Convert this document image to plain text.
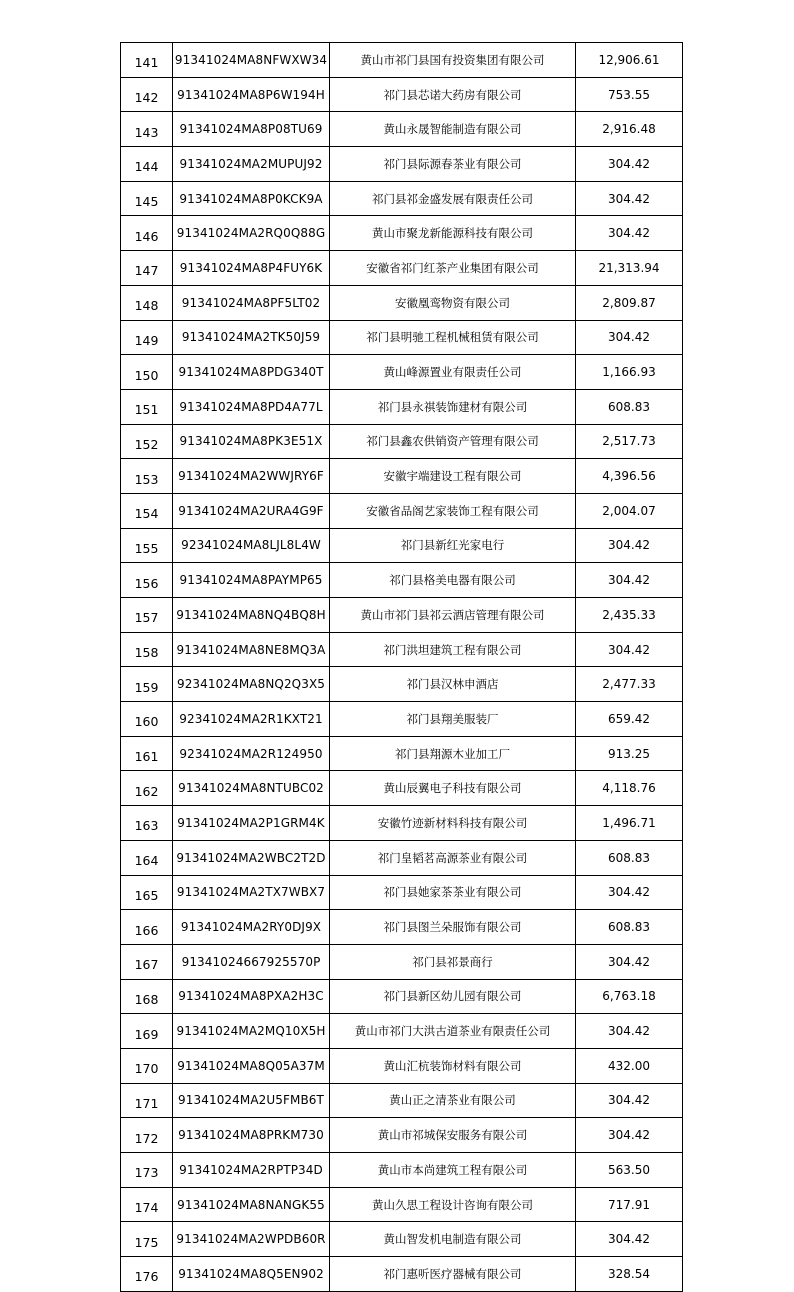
141	91341024MA8NFWXW34	黄山市祁门县国有投资集团有限公司	12,906.61
142	91341024MA8P6W194H	祁门县芯诺大药房有限公司	753.55
143	91341024MA8P08TU69	黄山永晟智能制造有限公司	2,916.48
144	91341024MA2MUPUJ92	祁门县际源春茶业有限公司	304.42
145	91341024MA8P0KCK9A	祁门县祁金盛发展有限责任公司	304.42
146	91341024MA2RQ0Q88G	黄山市聚龙新能源科技有限公司	304.42
147	91341024MA8P4FUY6K	安徽省祁门红茶产业集团有限公司	21,313.94
148	91341024MA8PF5LT02	安徽凰鸾物资有限公司	2,809.87
149	91341024MA2TK50J59	祁门县明驰工程机械租赁有限公司	304.42
150	91341024MA8PDG340T	黄山峰源置业有限责任公司	1,166.93
151	91341024MA8PD4A77L	祁门县永祺装饰建材有限公司	608.83
152	91341024MA8PK3E51X	祁门县鑫农供销资产管理有限公司	2,517.73
153	91341024MA2WWJRY6F	安徽宇端建设工程有限公司	4,396.56
154	91341024MA2URA4G9F	安徽省品阁艺家装饰工程有限公司	2,004.07
155	92341024MA8LJL8L4W	祁门县新红光家电行	304.42
156	91341024MA8PAYMP65	祁门县格美电器有限公司	304.42
157	91341024MA8NQ4BQ8H	黄山市祁门县祁云酒店管理有限公司	2,435.33
158	91341024MA8NE8MQ3A	祁门洪坦建筑工程有限公司	304.42
159	92341024MA8NQ2Q3X5	祁门县汉林申酒店	2,477.33
160	92341024MA2R1KXT21	祁门县翔美服装厂	659.42
161	92341024MA2R124950	祁门县翔源木业加工厂	913.25
162	91341024MA8NTUBC02	黄山辰翼电子科技有限公司	4,118.76
163	91341024MA2P1GRM4K	安徽竹迹新材料科技有限公司	1,496.71
164	91341024MA2WBC2T2D	祁门皇韬茗高源茶业有限公司	608.83
165	91341024MA2TX7WBX7	祁门县她家茶茶业有限公司	304.42
166	91341024MA2RY0DJ9X	祁门县图兰朵服饰有限公司	608.83
167	91341024667925570P	祁门县祁景商行	304.42
168	91341024MA8PXA2H3C	祁门县新区幼儿园有限公司	6,763.18
169	91341024MA2MQ10X5H	黄山市祁门大洪古道茶业有限责任公司	304.42
170	91341024MA8Q05A37M	黄山汇杭装饰材料有限公司	432.00
171	91341024MA2U5FMB6T	黄山正之清茶业有限公司	304.42
172	91341024MA8PRKM730	黄山市祁城保安服务有限公司	304.42
173	91341024MA2RPTP34D	黄山市本尚建筑工程有限公司	563.50
174	91341024MA8NANGK55	黄山久思工程设计咨询有限公司	717.91
175	91341024MA2WPDB60R	黄山智发机电制造有限公司	304.42
176	91341024MA8Q5EN902	祁门惠听医疗器械有限公司	328.54
